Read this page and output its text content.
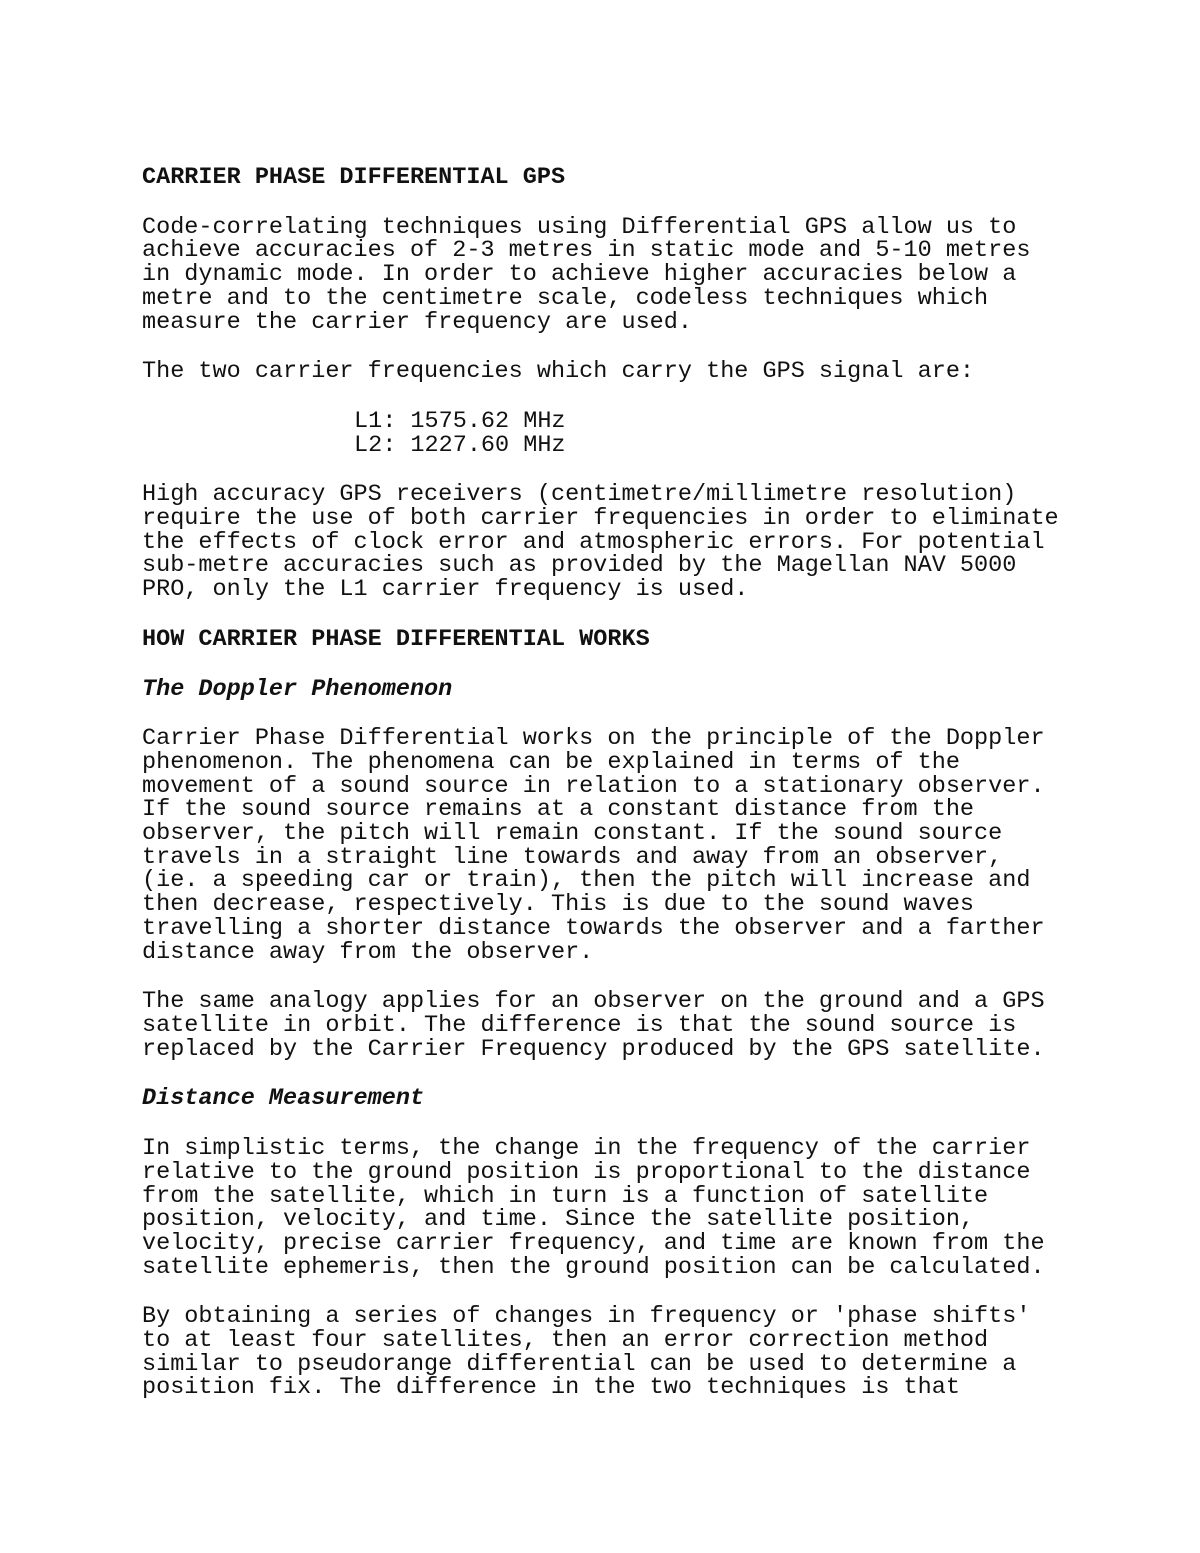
CARRIER PHASE DIFFERENTIAL GPS
Code-correlating techniques using Differential GPS allow us to
achieve accuracies of 2-3 metres in static mode and 5-10 metres
in dynamic mode. In order to achieve higher accuracies below a
metre and to the centimetre scale, codeless techniques which
measure the carrier frequency are used.
The two carrier frequencies which carry the GPS signal are:
L1: 1575.62 MHz
L2: 1227.60 MHz
High accuracy GPS receivers (centimetre/millimetre resolution)
require the use of both carrier frequencies in order to eliminate
the effects of clock error and atmospheric errors. For potential
sub-metre accuracies such as provided by the Magellan NAV 5000
PRO, only the L1 carrier frequency is used.
HOW CARRIER PHASE DIFFERENTIAL WORKS
The Doppler Phenomenon
Carrier Phase Differential works on the principle of the Doppler
phenomenon. The phenomena can be explained in terms of the
movement of a sound source in relation to a stationary observer.
If the sound source remains at a constant distance from the
observer, the pitch will remain constant. If the sound source
travels in a straight line towards and away from an observer,
(ie. a speeding car or train), then the pitch will increase and
then decrease, respectively. This is due to the sound waves
travelling a shorter distance towards the observer and a farther
distance away from the observer.
The same analogy applies for an observer on the ground and a GPS
satellite in orbit. The difference is that the sound source is
replaced by the Carrier Frequency produced by the GPS satellite.
Distance Measurement
In simplistic terms, the change in the frequency of the carrier
relative to the ground position is proportional to the distance
from the satellite, which in turn is a function of satellite
position, velocity, and time. Since the satellite position,
velocity, precise carrier frequency, and time are known from the
satellite ephemeris, then the ground position can be calculated.
By obtaining a series of changes in frequency or 'phase shifts'
to at least four satellites, then an error correction method
similar to pseudorange differential can be used to determine a
position fix. The difference in the two techniques is that
